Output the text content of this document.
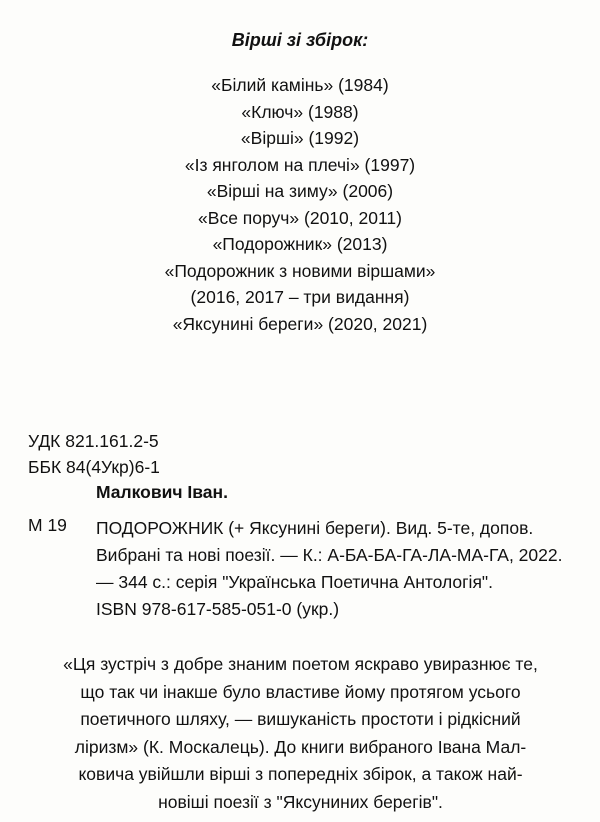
Вірші зі збірок:
«Білий камінь» (1984)
«Ключ» (1988)
«Вірші» (1992)
«Із янголом на плечі» (1997)
«Вірші на зиму» (2006)
«Все поруч» (2010, 2011)
«Подорожник» (2013)
«Подорожник з новими віршами»
(2016, 2017 – три видання)
«Яксунині береги» (2020, 2021)
УДК 821.161.2-5
ББК 84(4Укр)6-1
Малкович Іван.
М 19 ПОДОРОЖНИК (+ Яксунині береги). Вид. 5-те, допов.
Вибрані та нові поезії. — К.: А-БА-БА-ГА-ЛА-МА-ГА, 2022.
— 344 с.: серія "Українська Поетична Антологія".
ISBN 978-617-585-051-0 (укр.)
«Ця зустріч з добре знаним поетом яскраво увиразнює те,
що так чи інакше було властиве йому протягом усього
поетичного шляху, — вишуканість простоти і рідкісний
ліризм» (К. Москалець). До книги вибраного Івана Мал-
ковича увійшли вірші з попередніх збірок, а також най-
новіші поезії з "Яксуниних берегів".
